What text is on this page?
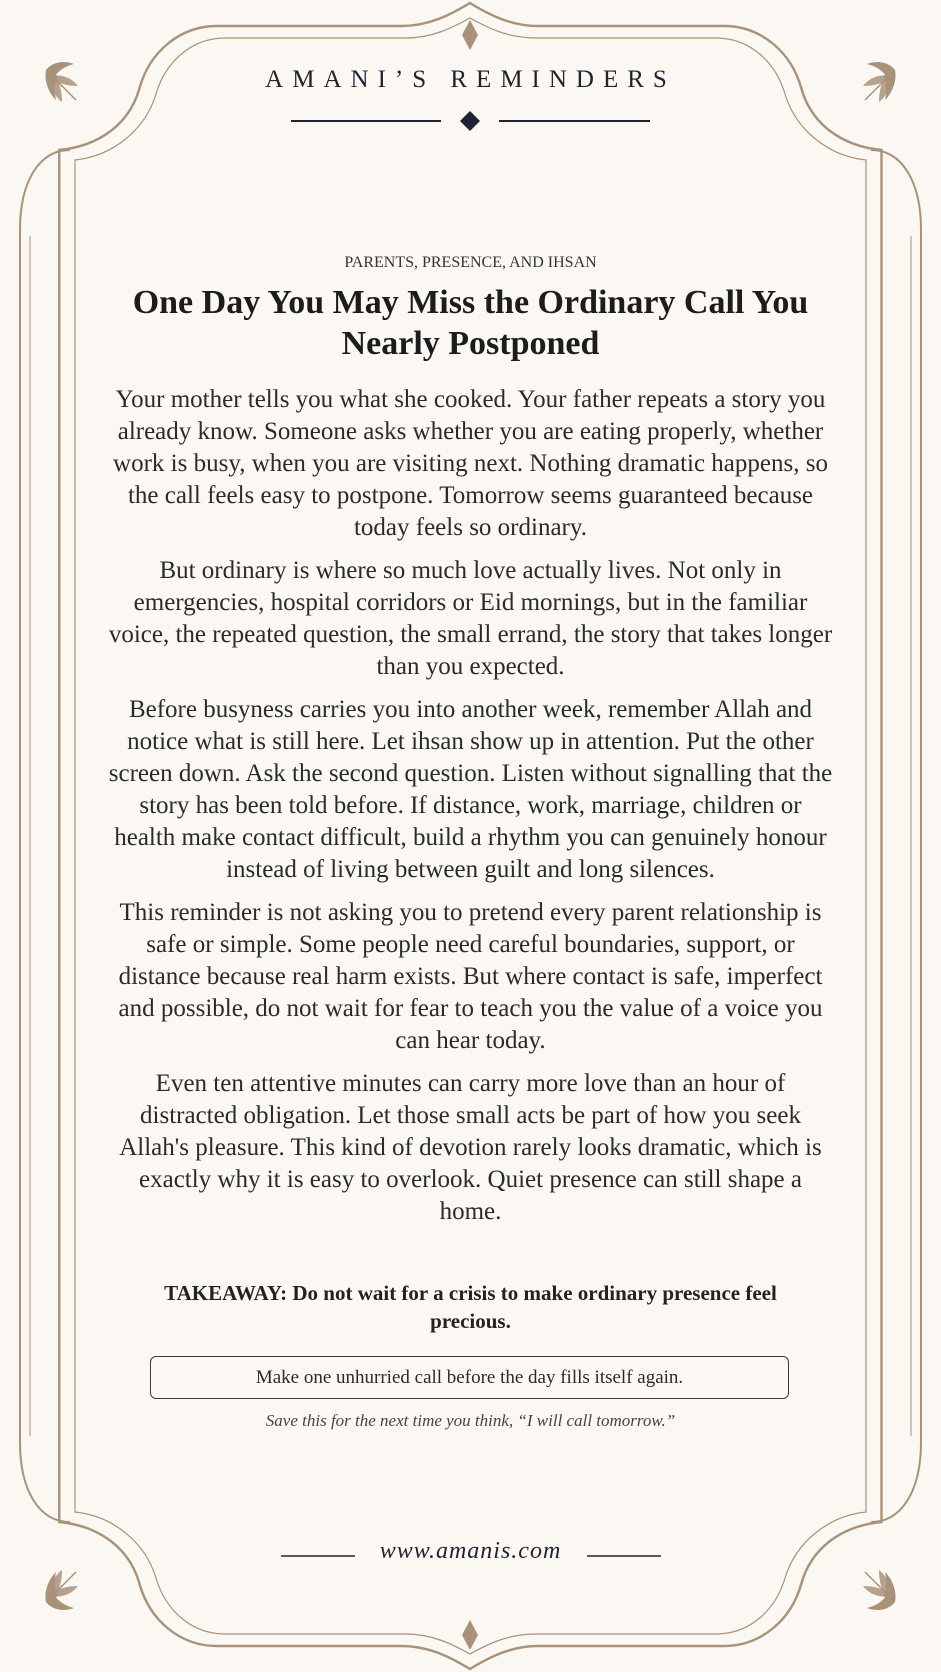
AMANI’S REMINDERS
PARENTS, PRESENCE, AND IHSAN
One Day You May Miss the Ordinary Call You Nearly Postponed

Your mother tells you what she cooked. Your father repeats a story you already know. Someone asks whether you are eating properly, whether work is busy, when you are visiting next. Nothing dramatic happens, so the call feels easy to postpone. Tomorrow seems guaranteed because today feels so ordinary.

But ordinary is where so much love actually lives. Not only in emergencies, hospital corridors or Eid mornings, but in the familiar voice, the repeated question, the small errand, the story that takes longer than you expected.

Before busyness carries you into another week, remember Allah and notice what is still here. Let ihsan show up in attention. Put the other screen down. Ask the second question. Listen without signalling that the story has been told before. If distance, work, marriage, children or health make contact difficult, build a rhythm you can genuinely honour instead of living between guilt and long silences.

This reminder is not asking you to pretend every parent relationship is safe or simple. Some people need careful boundaries, support, or distance because real harm exists. But where contact is safe, imperfect and possible, do not wait for fear to teach you the value of a voice you can hear today.

Even ten attentive minutes can carry more love than an hour of distracted obligation. Let those small acts be part of how you seek Allah's pleasure. This kind of devotion rarely looks dramatic, which is exactly why it is easy to overlook. Quiet presence can still shape a home.

TAKEAWAY: Do not wait for a crisis to make ordinary presence feel precious.
Make one unhurried call before the day fills itself again.
Save this for the next time you think, “I will call tomorrow.”
www.amanis.com
